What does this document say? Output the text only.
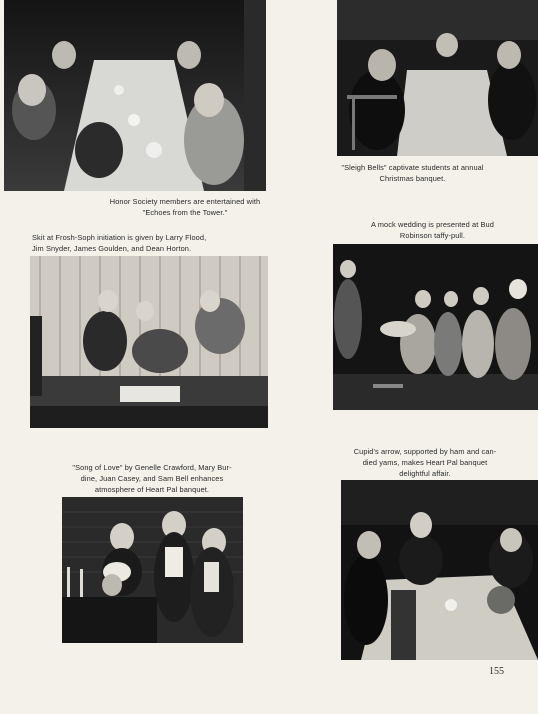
Honor Society members are entertained with
"Echoes from the Tower."
"Sleigh Bells" captivate students at annual
Christmas banquet.
Skit at Frosh-Soph initiation is given by Larry Flood,
Jim Snyder, James Goulden, and Dean Horton.
A mock wedding is presented at Bud
Robinson taffy-pull.
Cupid's arrow, supported by ham and can-
died yams, makes Heart Pal banquet
delightful affair.
"Song of Love" by Genelle Crawford, Mary Bur-
dine, Juan Casey, and Sam Bell enhances
atmosphere of Heart Pal banquet.
155
